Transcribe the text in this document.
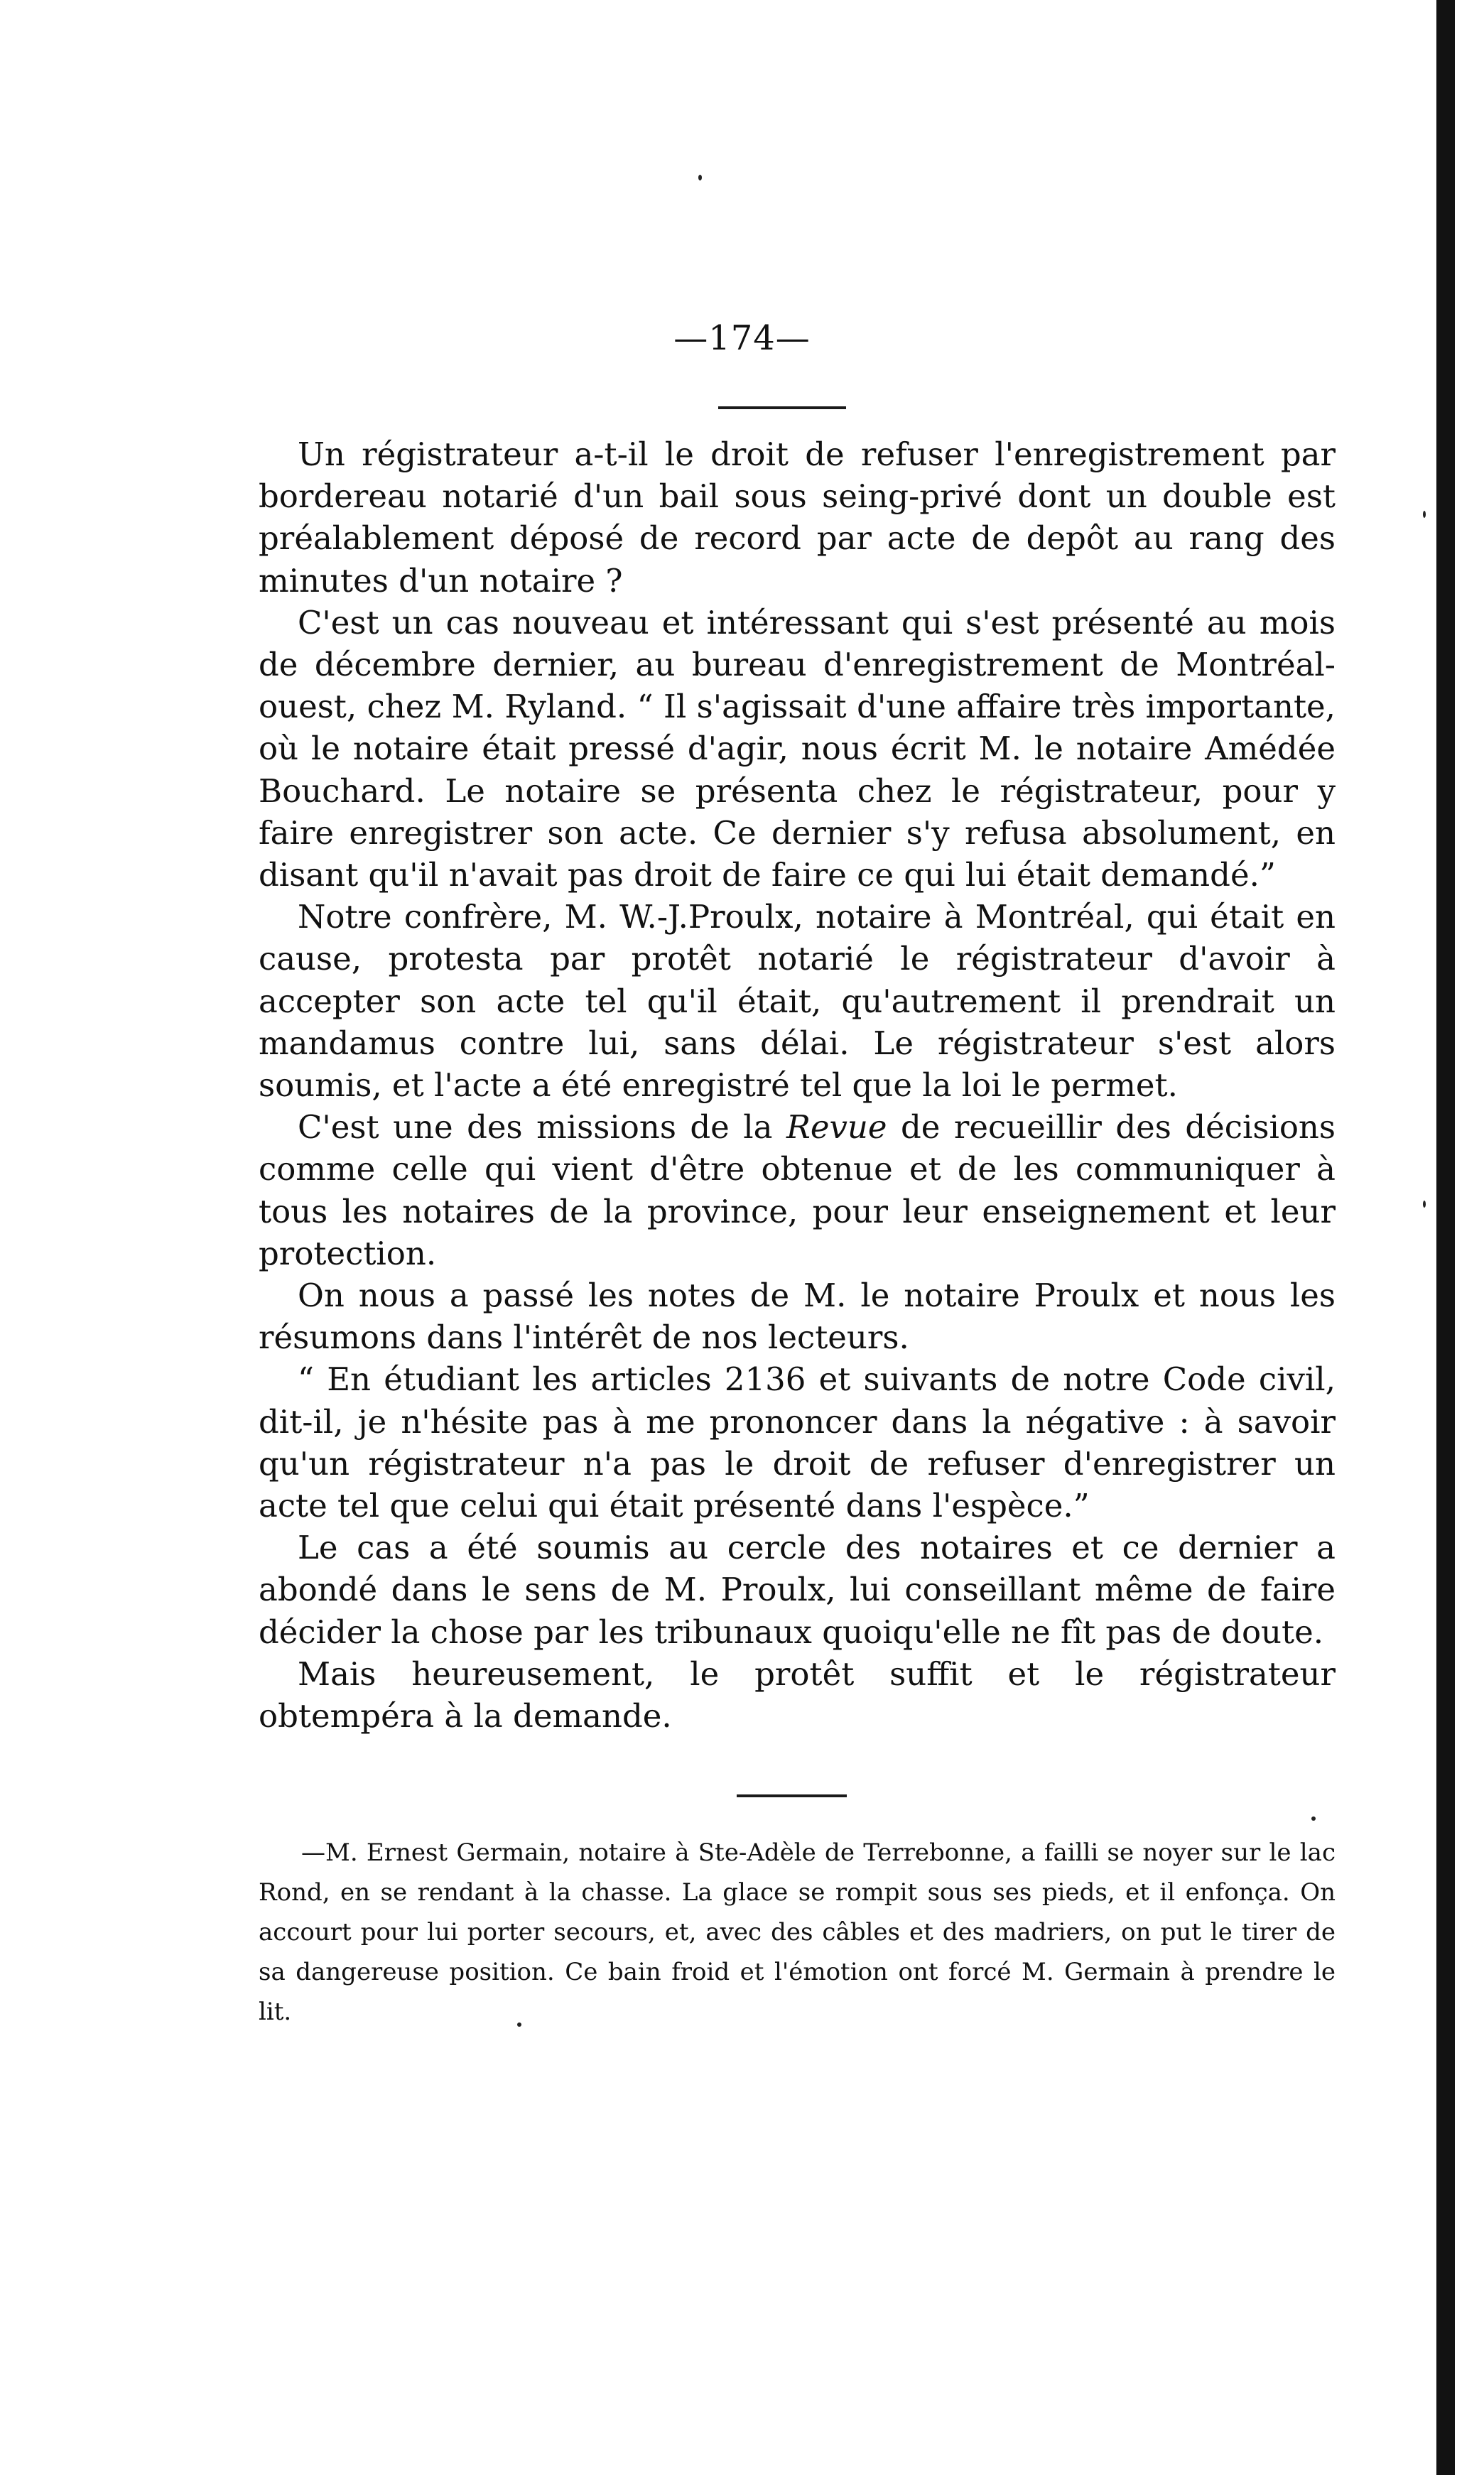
—174—

Un régistrateur a-t-il le droit de refuser l'enregistrement par bordereau notarié d'un bail sous seing-privé dont un double est préalablement déposé de record par acte de depôt au rang des minutes d'un notaire ?

C'est un cas nouveau et intéressant qui s'est présenté au mois de décembre dernier, au bureau d'enregistrement de Montréal-ouest, chez M. Ryland. “ Il s'agissait d'une affaire très importante, où le notaire était pressé d'agir, nous écrit M. le notaire Amédée Bouchard. Le notaire se présenta chez le régistrateur, pour y faire enregistrer son acte. Ce dernier s'y refusa absolument, en disant qu'il n'avait pas droit de faire ce qui lui était demandé.”

Notre confrère, M. W.-J.Proulx, notaire à Montréal, qui était en cause, protesta par protêt notarié le régistrateur d'avoir à accepter son acte tel qu'il était, qu'autrement il prendrait un mandamus contre lui, sans délai. Le régistrateur s'est alors soumis, et l'acte a été enregistré tel que la loi le permet.

C'est une des missions de la Revue de recueillir des décisions comme celle qui vient d'être obtenue et de les communiquer à tous les notaires de la province, pour leur enseignement et leur protection.

On nous a passé les notes de M. le notaire Proulx et nous les résumons dans l'intérêt de nos lecteurs.

“ En étudiant les articles 2136 et suivants de notre Code civil, dit-il, je n'hésite pas à me prononcer dans la négative : à savoir qu'un régistrateur n'a pas le droit de refuser d'enregistrer un acte tel que celui qui était présenté dans l'espèce.”

Le cas a été soumis au cercle des notaires et ce dernier a abondé dans le sens de M. Proulx, lui conseillant même de faire décider la chose par les tribunaux quoiqu'elle ne fît pas de doute.

Mais heureusement, le protêt suffit et le régistrateur obtempéra à la demande.

—M. Ernest Germain, notaire à Ste-Adèle de Terrebonne, a failli se noyer sur le lac Rond, en se rendant à la chasse. La glace se rompit sous ses pieds, et il enfonça. On accourt pour lui porter secours, et, avec des câbles et des madriers, on put le tirer de sa dangereuse position. Ce bain froid et l'émotion ont forcé M. Germain à prendre le lit.
